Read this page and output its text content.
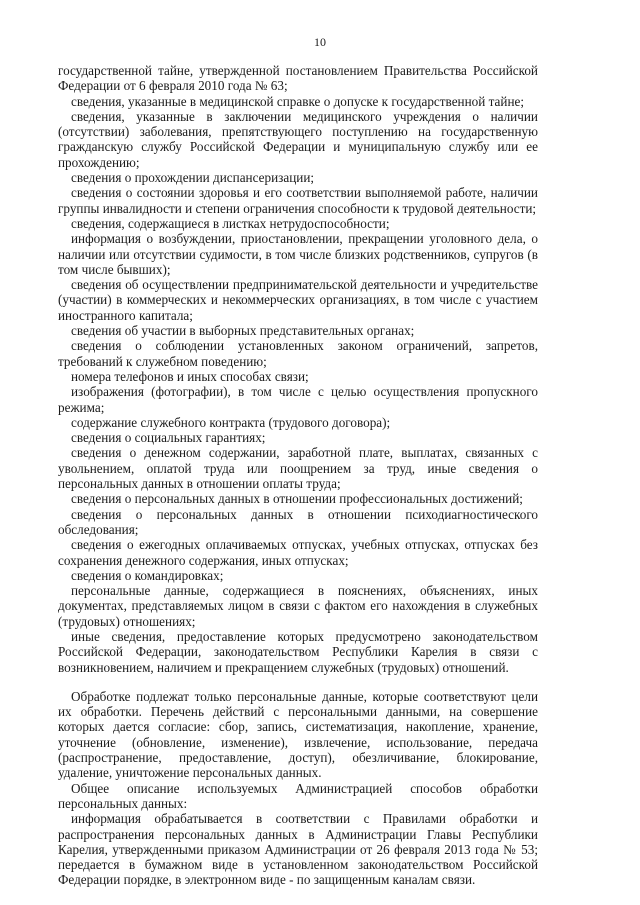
10

государственной тайне, утвержденной постановлением Правительства Российской Федерации от 6 февраля 2010 года № 63;

сведения, указанные в медицинской справке о допуске к государственной тайне;

сведения, указанные в заключении медицинского учреждения о наличии (отсутствии) заболевания, препятствующего поступлению на государственную гражданскую службу Российской Федерации и муниципальную службу или ее прохождению;

сведения о прохождении диспансеризации;

сведения о состоянии здоровья и его соответствии выполняемой работе, наличии группы инвалидности и степени ограничения способности к трудовой деятельности;

сведения, содержащиеся в листках нетрудоспособности;

информация о возбуждении, приостановлении, прекращении уголовного дела, о наличии или отсутствии судимости, в том числе близких родственников, супругов (в том числе бывших);

сведения об осуществлении предпринимательской деятельности и учредительстве (участии) в коммерческих и некоммерческих организациях, в том числе с участием иностранного капитала;

сведения об участии в выборных представительных органах;

сведения о соблюдении установленных законом ограничений, запретов, требований к служебном поведению;

номера телефонов и иных способах связи;

изображения (фотографии), в том числе с целью осуществления пропускного режима;

содержание служебного контракта (трудового договора);

сведения о социальных гарантиях;

сведения о денежном содержании, заработной плате, выплатах, связанных с увольнением, оплатой труда или поощрением за труд, иные сведения о персональных данных в отношении оплаты труда;

сведения о персональных данных в отношении профессиональных достижений;

сведения о персональных данных в отношении психодиагностического обследования;

сведения о ежегодных оплачиваемых отпусках, учебных отпусках, отпусках без сохранения денежного содержания, иных отпусках;

сведения о командировках;

персональные данные, содержащиеся в пояснениях, объяснениях, иных документах, представляемых лицом в связи с фактом его нахождения в служебных (трудовых) отношениях;

иные сведения, предоставление которых предусмотрено законодательством Российской Федерации, законодательством Республики Карелия в связи с возникновением, наличием и прекращением служебных (трудовых) отношений.

Обработке подлежат только персональные данные, которые соответствуют цели их обработки. Перечень действий с персональными данными, на совершение которых дается согласие: сбор, запись, систематизация, накопление, хранение, уточнение (обновление, изменение), извлечение, использование, передача (распространение, предоставление, доступ), обезличивание, блокирование, удаление, уничтожение персональных данных.

Общее описание используемых Администрацией способов обработки персональных данных:

информация обрабатывается в соответствии с Правилами обработки и распространения персональных данных в Администрации Главы Республики Карелия, утвержденными приказом Администрации от 26 февраля 2013 года № 53; передается в бумажном виде в установленном законодательством Российской Федерации порядке, в электронном виде - по защищенным каналам связи.
